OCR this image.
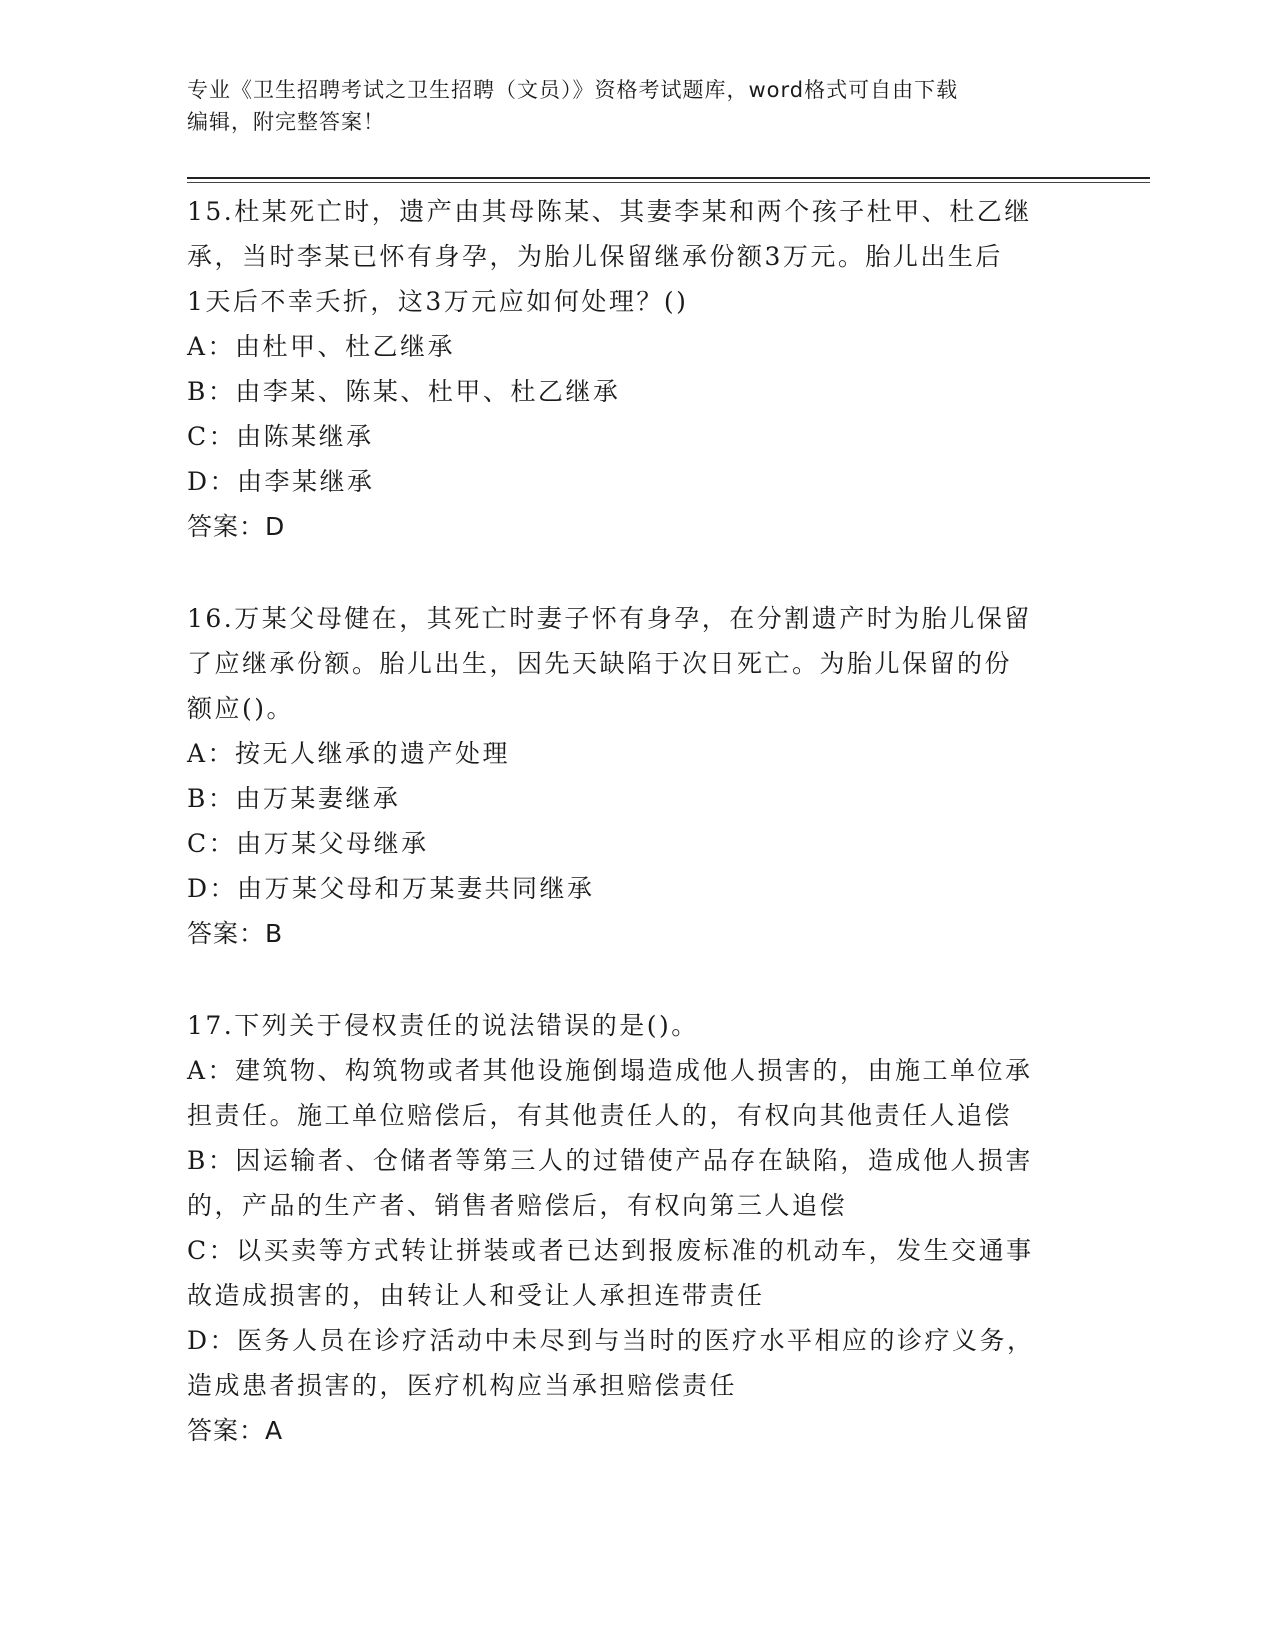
专业《卫生招聘考试之卫生招聘（文员）》资格考试题库，word格式可自由下载
编辑，附完整答案！

15.杜某死亡时，遗产由其母陈某、其妻李某和两个孩子杜甲、杜乙继

承，当时李某已怀有身孕，为胎儿保留继承份额3万元。胎儿出生后

1天后不幸夭折，这3万元应如何处理？()

A：由杜甲、杜乙继承

B：由李某、陈某、杜甲、杜乙继承

C：由陈某继承

D：由李某继承

答案：D

16.万某父母健在，其死亡时妻子怀有身孕，在分割遗产时为胎儿保留

了应继承份额。胎儿出生，因先天缺陷于次日死亡。为胎儿保留的份

额应()。

A：按无人继承的遗产处理

B：由万某妻继承

C：由万某父母继承

D：由万某父母和万某妻共同继承

答案：B

17.下列关于侵权责任的说法错误的是()。

A：建筑物、构筑物或者其他设施倒塌造成他人损害的，由施工单位承

担责任。施工单位赔偿后，有其他责任人的，有权向其他责任人追偿

B：因运输者、仓储者等第三人的过错使产品存在缺陷，造成他人损害

的，产品的生产者、销售者赔偿后，有权向第三人追偿

C：以买卖等方式转让拼装或者已达到报废标准的机动车，发生交通事

故造成损害的，由转让人和受让人承担连带责任

D：医务人员在诊疗活动中未尽到与当时的医疗水平相应的诊疗义务，

造成患者损害的，医疗机构应当承担赔偿责任

答案：A
